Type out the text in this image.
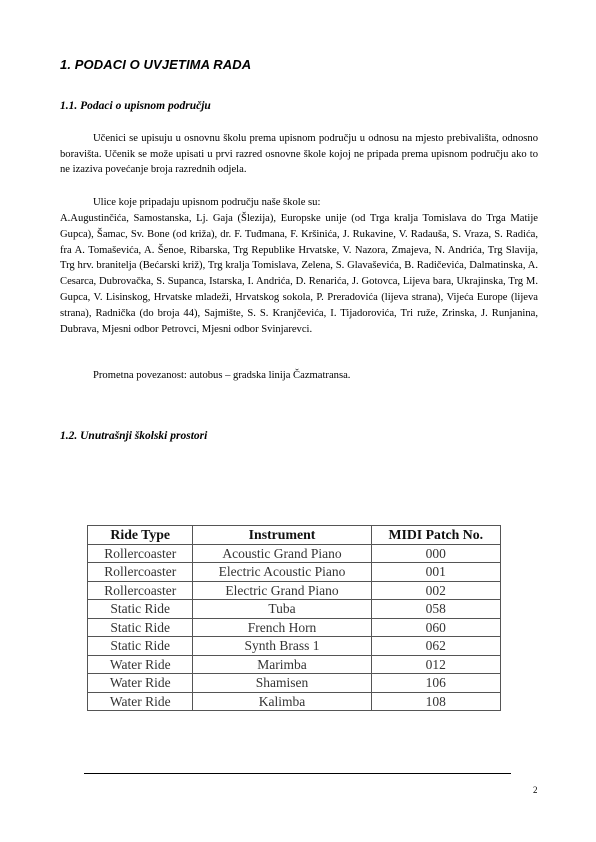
1. PODACI O UVJETIMA RADA
1.1. Podaci o upisnom području
Učenici se upisuju u osnovnu školu prema upisnom području u odnosu na mjesto prebivališta, odnosno boravišta. Učenik se može upisati u prvi razred osnovne škole kojoj ne pripada prema upisnom području ako to ne izaziva povećanje broja razrednih odjela.
Ulice koje pripadaju upisnom području naše škole su:
A.Augustinčića, Samostanska, Lj. Gaja (Šlezija), Europske unije (od Trga kralja Tomislava do Trga Matije Gupca), Šamac, Sv. Bone (od križa), dr. F. Tuđmana, F. Kršinića, J. Rukavine, V. Radauša, S. Vraza, S. Radića, fra A. Tomaševića, A. Šenoe, Ribarska, Trg Republike Hrvatske, V. Nazora, Zmajeva, N. Andrića, Trg Slavija, Trg hrv. branitelja (Bećarski križ), Trg kralja Tomislava, Zelena, S. Glavaševića, B. Radičevića, Dalmatinska, A. Cesarca, Dubrovačka, S. Supanca, Istarska, I. Andrića, D. Renarića, J. Gotovca, Lijeva bara, Ukrajinska, Trg M. Gupca, V. Lisinskog, Hrvatske mladeži, Hrvatskog sokola, P. Preradovića (lijeva strana), Vijeća Europe (lijeva strana), Radnička (do broja 44), Sajmište, S. S. Kranjčevića, I. Tijadorovića, Tri ruže, Zrinska, J. Runjanina, Dubrava, Mjesni odbor Petrovci, Mjesni odbor Svinjarevci.
Prometna povezanost: autobus – gradska linija Čazmatransa.
1.2. Unutrašnji školski prostori
Ride Type	Instrument	MIDI Patch No.
Rollercoaster	Acoustic Grand Piano	000
Rollercoaster	Electric Acoustic Piano	001
Rollercoaster	Electric Grand Piano	002
Static Ride	Tuba	058
Static Ride	French Horn	060
Static Ride	Synth Brass 1	062
Water Ride	Marimba	012
Water Ride	Shamisen	106
Water Ride	Kalimba	108
2
